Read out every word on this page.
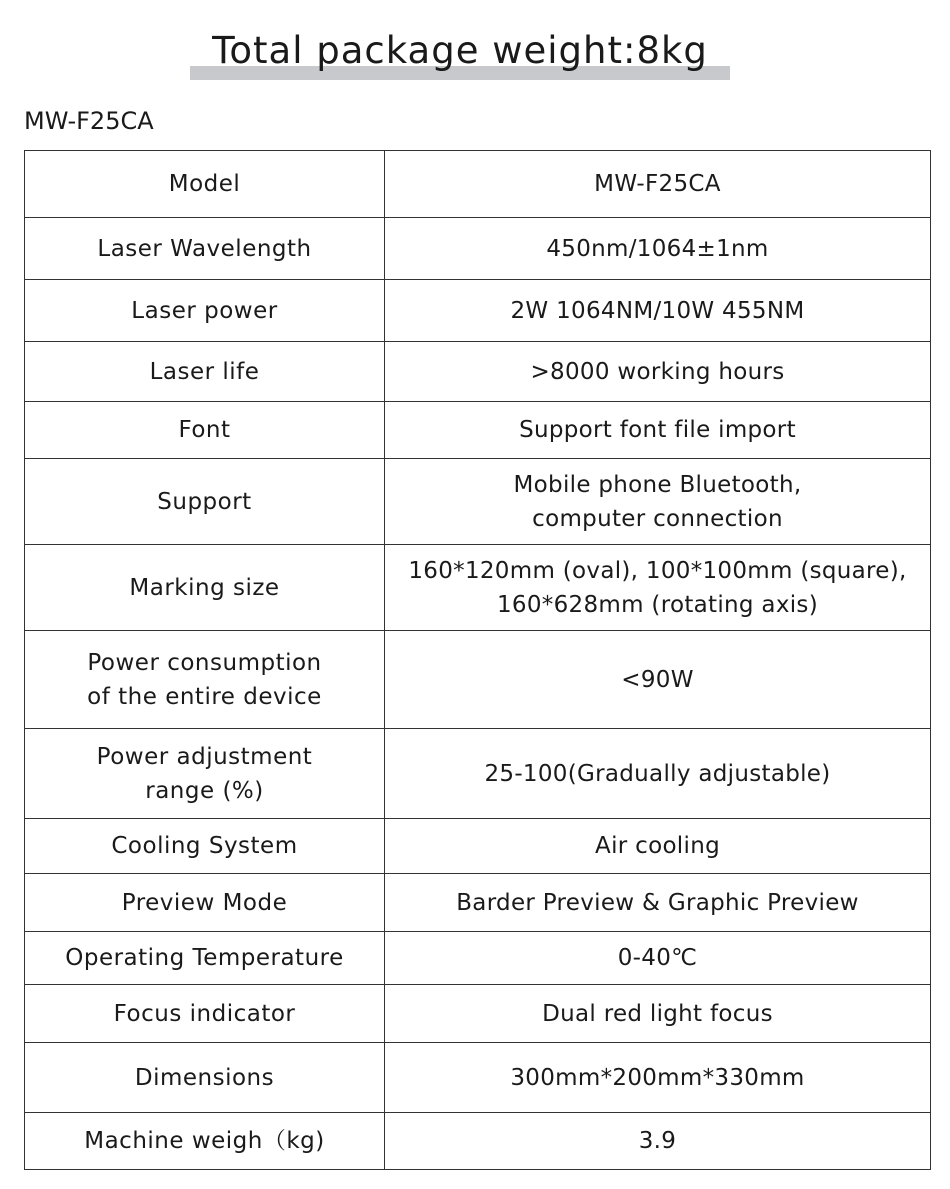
Total package weight:8kg
MW-F25CA
Model	MW-F25CA

Laser Wavelength	450nm/1064±1nm

Laser power	2W 1064NM/10W 455NM

Laser life	>8000 working hours

Font	Support font file import

Support	Mobile phone Bluetooth,
computer connection

Marking size	160*120mm (oval), 100*100mm (square),
160*628mm (rotating axis)

Power consumption
of the entire device	<90W

Power adjustment
range (%)	25-100(Gradually adjustable)

Cooling System	Air cooling

Preview Mode	Barder Preview & Graphic Preview

Operating Temperature	0-40℃

Focus indicator	Dual red light focus

Dimensions	300mm*200mm*330mm

Machine weigh（kg)	3.9
